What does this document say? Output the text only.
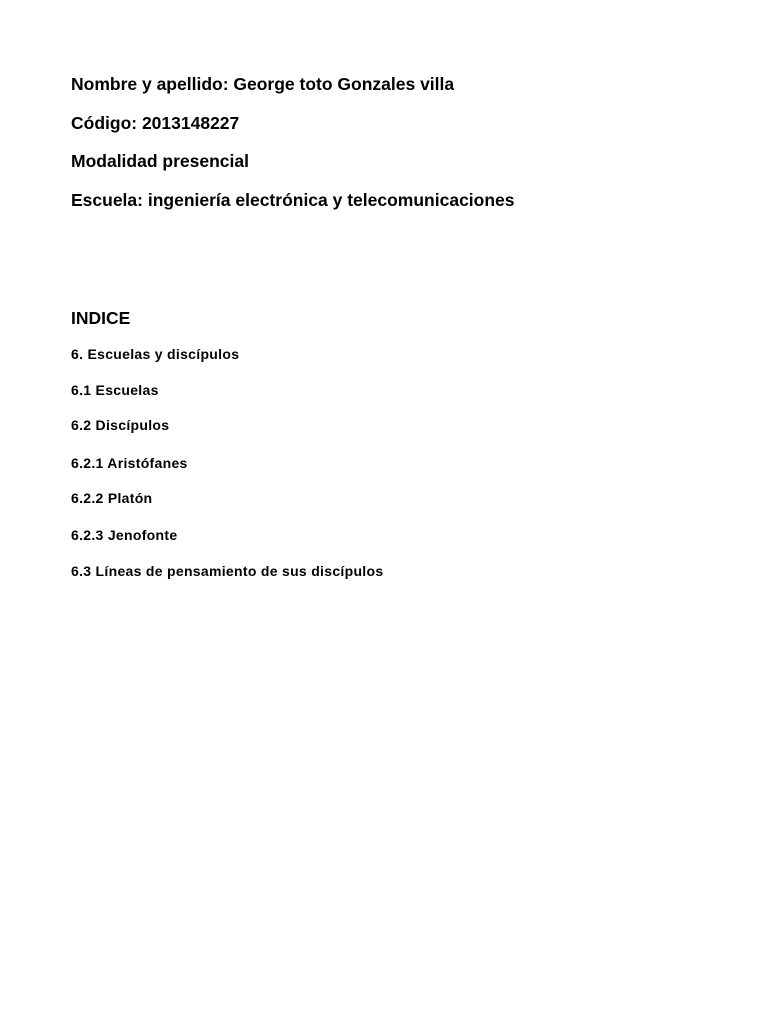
Nombre y apellido: George toto Gonzales villa
Código: 2013148227
Modalidad presencial
Escuela: ingeniería electrónica y telecomunicaciones
INDICE
6. Escuelas y discípulos
6.1 Escuelas
6.2 Discípulos
6.2.1 Aristófanes
6.2.2 Platón
6.2.3 Jenofonte
6.3 Líneas de pensamiento de sus discípulos
